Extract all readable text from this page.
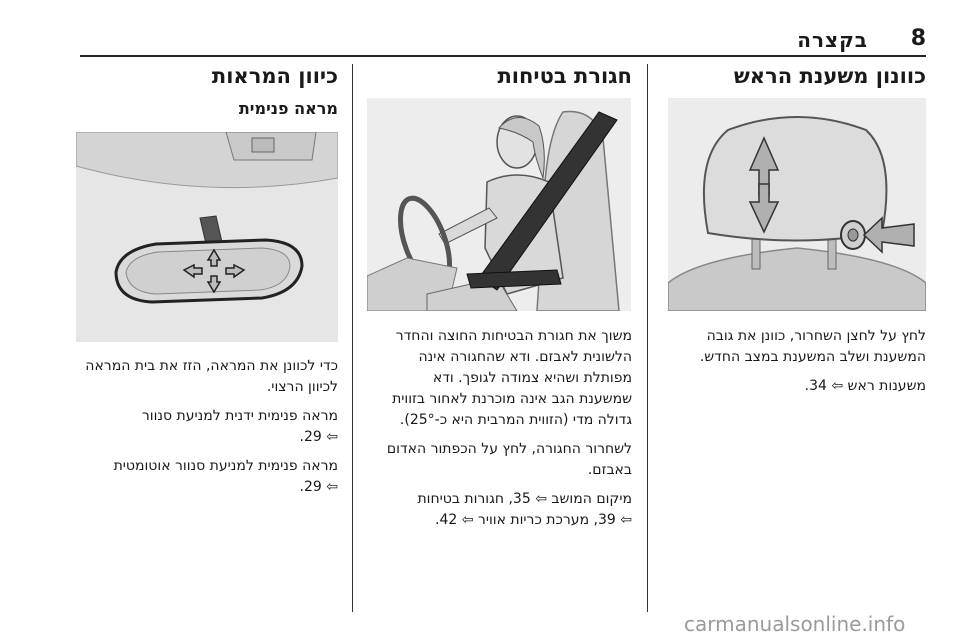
8
בקצרה
כוונון משענת הראש
לחץ על לחצן השחרור, כוונן את גובה
המשענת ושלב המשענת במצב החדש.
משענות ראש ⇦ 34.
חגורת בטיחות
משוך את חגורת הבטיחות החוצה והחדר
הלשונית לאבזם. ודא שהחגורה אינה
מפותלת ושהיא צמודה לגופך. ודא
שמשענת הגב אינה מוכרנת לאחור בזווית
גדולה מדי (הזווית המרבית היא כ-25°).
לשחרור החגורה, לחץ על הכפתור האדום
באבזם.
מיקום המושב ⇦ 35, חגורות בטיחות
⇦ 39, מערכת כריות אוויר ⇦ 42.
כיוון המראות
מראה פנימית
כדי לכוונן את המראה, הזז את בית המראה
לכיוון הרצוי.
מראה פנימית ידנית למניעת סנוור
⇦ 29.
מראה פנימית למניעת סנוור אוטומטית
⇦ 29.
carmanualsonline.info
